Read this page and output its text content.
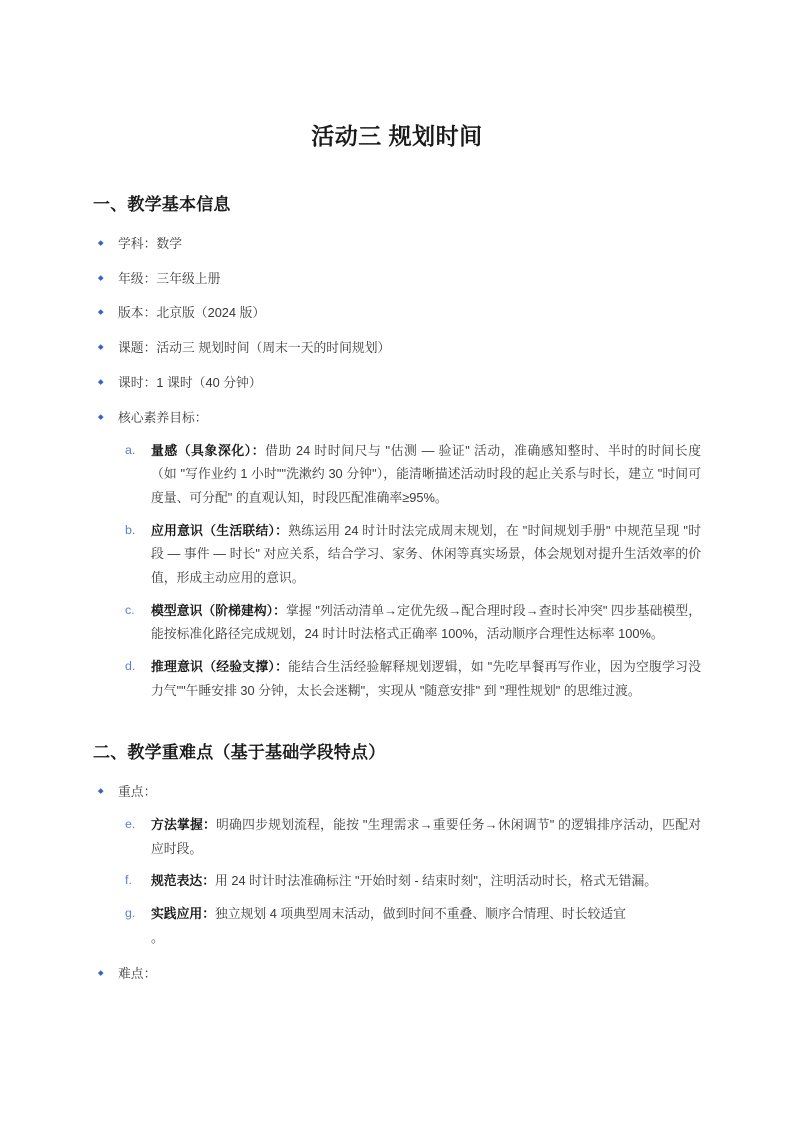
活动三 规划时间
一、教学基本信息
学科：数学
年级：三年级上册
版本：北京版（2024 版）
课题：活动三 规划时间（周末一天的时间规划）
课时：1 课时（40 分钟）
核心素养目标：
a.	量感（具象深化）：借助 24 时时间尺与 "估测 — 验证" 活动，准确感知整时、半时的时间长度（如 "写作业约 1 小时""洗漱约 30 分钟"），能清晰描述活动时段的起止关系与时长，建立 "时间可度量、可分配" 的直观认知，时段匹配准确率≥95%。
b.	应用意识（生活联结）：熟练运用 24 时计时法完成周末规划，在 "时间规划手册" 中规范呈现 "时段 — 事件 — 时长" 对应关系，结合学习、家务、休闲等真实场景，体会规划对提升生活效率的价值，形成主动应用的意识。
c.	模型意识（阶梯建构）：掌握 "列活动清单→定优先级→配合理时段→查时长冲突" 四步基础模型，能按标准化路径完成规划，24 时计时法格式正确率 100%，活动顺序合理性达标率 100%。
d.	推理意识（经验支撑）：能结合生活经验解释规划逻辑，如 "先吃早餐再写作业，因为空腹学习没力气""午睡安排 30 分钟，太长会迷糊"，实现从 "随意安排" 到 "理性规划" 的思维过渡。
二、教学重难点（基于基础学段特点）
重点：
e.	方法掌握：明确四步规划流程，能按 "生理需求→重要任务→休闲调节" 的逻辑排序活动，匹配对应时段。
f.	规范表达：用 24 时计时法准确标注 "开始时刻 - 结束时刻"，注明活动时长，格式无错漏。
g.	实践应用：独立规划 4 项典型周末活动，做到时间不重叠、顺序合情理、时长较适宜
。
难点：
